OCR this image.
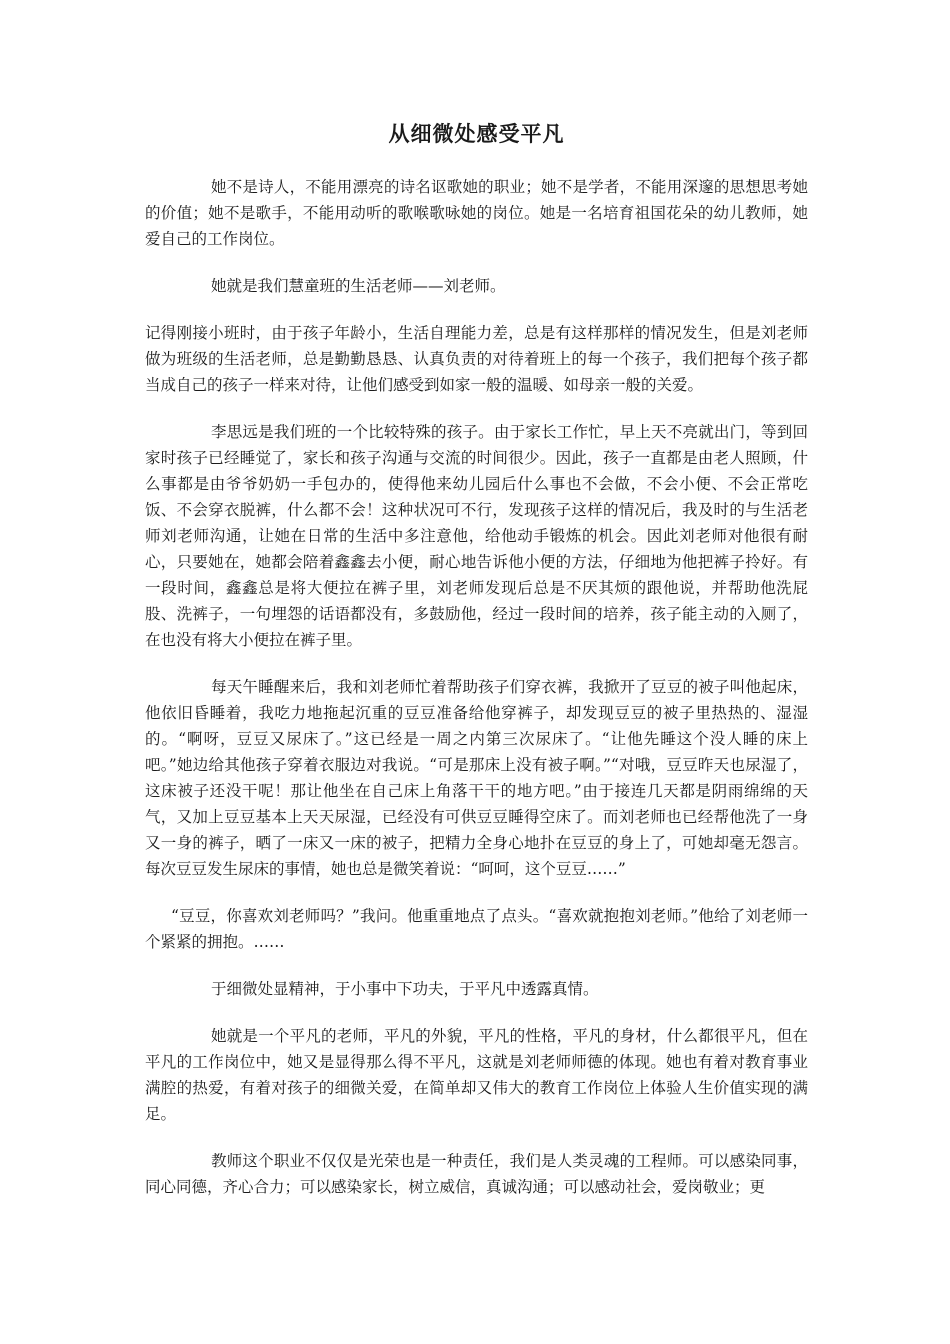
从细微处感受平凡

她不是诗人，不能用漂亮的诗名讴歌她的职业；她不是学者，不能用深邃的思想思考她的价值；她不是歌手，不能用动听的歌喉歌咏她的岗位。她是一名培育祖国花朵的幼儿教师，她爱自己的工作岗位。

她就是我们慧童班的生活老师——刘老师。

记得刚接小班时，由于孩子年龄小，生活自理能力差，总是有这样那样的情况发生，但是刘老师做为班级的生活老师，总是勤勤恳恳、认真负责的对待着班上的每一个孩子，我们把每个孩子都当成自己的孩子一样来对待，让他们感受到如家一般的温暖、如母亲一般的关爱。

李思远是我们班的一个比较特殊的孩子。由于家长工作忙，早上天不亮就出门，等到回家时孩子已经睡觉了，家长和孩子沟通与交流的时间很少。因此，孩子一直都是由老人照顾，什么事都是由爷爷奶奶一手包办的，使得他来幼儿园后什么事也不会做，不会小便、不会正常吃饭、不会穿衣脱裤，什么都不会！这种状况可不行，发现孩子这样的情况后，我及时的与生活老师刘老师沟通，让她在日常的生活中多注意他，给他动手锻炼的机会。因此刘老师对他很有耐心，只要她在，她都会陪着鑫鑫去小便，耐心地告诉他小便的方法，仔细地为他把裤子拎好。有一段时间，鑫鑫总是将大便拉在裤子里，刘老师发现后总是不厌其烦的跟他说，并帮助他洗屁股、洗裤子，一句埋怨的话语都没有，多鼓励他，经过一段时间的培养，孩子能主动的入厕了，在也没有将大小便拉在裤子里。

每天午睡醒来后，我和刘老师忙着帮助孩子们穿衣裤，我掀开了豆豆的被子叫他起床，他依旧昏睡着，我吃力地拖起沉重的豆豆准备给他穿裤子，却发现豆豆的被子里热热的、湿湿的。“啊呀，豆豆又尿床了。”这已经是一周之内第三次尿床了。“让他先睡这个没人睡的床上吧。”她边给其他孩子穿着衣服边对我说。“可是那床上没有被子啊。”“对哦，豆豆昨天也尿湿了，这床被子还没干呢！那让他坐在自己床上角落干干的地方吧。”由于接连几天都是阴雨绵绵的天气，又加上豆豆基本上天天尿湿，已经没有可供豆豆睡得空床了。而刘老师也已经帮他洗了一身又一身的裤子，晒了一床又一床的被子，把精力全身心地扑在豆豆的身上了，可她却毫无怨言。每次豆豆发生尿床的事情，她也总是微笑着说：“呵呵，这个豆豆……”

“豆豆，你喜欢刘老师吗？”我问。他重重地点了点头。“喜欢就抱抱刘老师。”他给了刘老师一个紧紧的拥抱。……

于细微处显精神，于小事中下功夫，于平凡中透露真情。

她就是一个平凡的老师，平凡的外貌，平凡的性格，平凡的身材，什么都很平凡，但在平凡的工作岗位中，她又是显得那么得不平凡，这就是刘老师师德的体现。她也有着对教育事业满腔的热爱，有着对孩子的细微关爱，在简单却又伟大的教育工作岗位上体验人生价值实现的满足。

教师这个职业不仅仅是光荣也是一种责任，我们是人类灵魂的工程师。可以感染同事，同心同德，齐心合力；可以感染家长，树立威信，真诚沟通；可以感动社会，爱岗敬业；更
